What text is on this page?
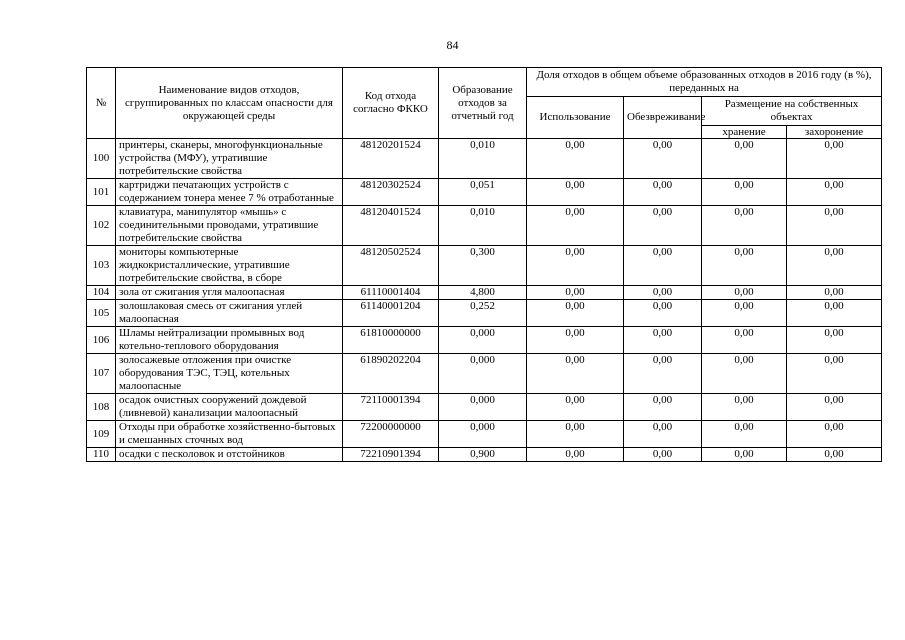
84
№	Наименование видов отходов, сгруппированных по классам опасности для окружающей среды	Код отхода согласно ФККО	Образование отходов за отчетный год	Доля отходов в общем объеме образованных отходов в 2016 году (в %), переданных на			
				Использование	Обезвреживание	Размещение на собственных объектах	
						хранение	захоронение
100	принтеры, сканеры, многофункциональные устройства (МФУ), утратившие потребительские свойства	48120201524	0,010	0,00	0,00	0,00	0,00
101	картриджи печатающих устройств с содержанием тонера менее 7 % отработанные	48120302524	0,051	0,00	0,00	0,00	0,00
102	клавиатура, манипулятор «мышь» с соединительными проводами, утратившие потребительские свойства	48120401524	0,010	0,00	0,00	0,00	0,00
103	мониторы компьютерные жидкокристаллические, утратившие потребительские свойства, в сборе	48120502524	0,300	0,00	0,00	0,00	0,00
104	зола от сжигания угля малоопасная	61110001404	4,800	0,00	0,00	0,00	0,00
105	золошлаковая смесь от сжигания углей малоопасная	61140001204	0,252	0,00	0,00	0,00	0,00
106	Шламы нейтрализации промывных вод котельно-теплового оборудования	61810000000	0,000	0,00	0,00	0,00	0,00
107	золосажевые отложения при очистке оборудования ТЭС, ТЭЦ, котельных малоопасные	61890202204	0,000	0,00	0,00	0,00	0,00
108	осадок очистных сооружений дождевой (ливневой) канализации малоопасный	72110001394	0,000	0,00	0,00	0,00	0,00
109	Отходы при обработке хозяйственно-бытовых и смешанных сточных вод	72200000000	0,000	0,00	0,00	0,00	0,00
110	осадки с песколовок и отстойников	72210901394	0,900	0,00	0,00	0,00	0,00
